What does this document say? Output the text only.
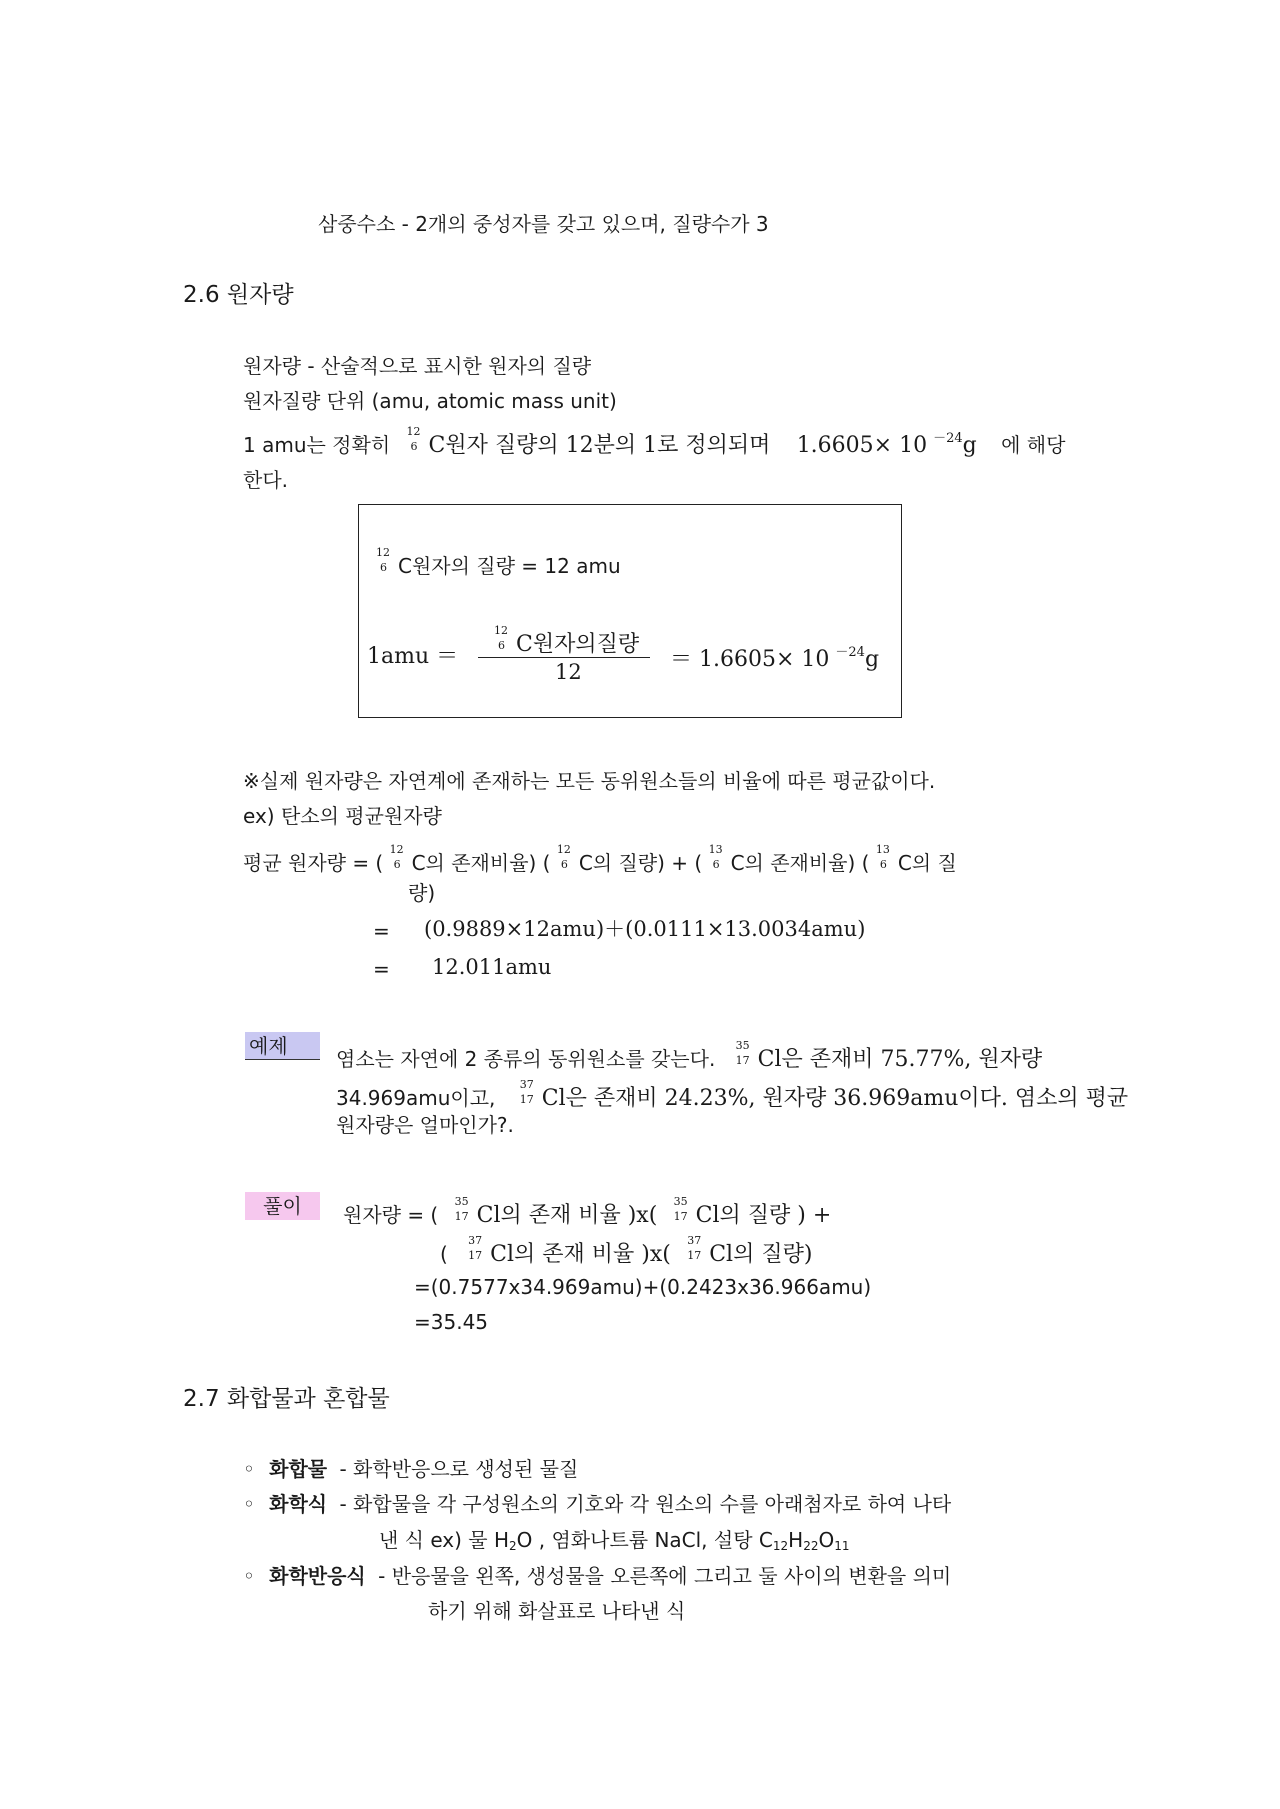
삼중수소 - 2개의 중성자를 갖고 있으며, 질량수가 3
2.6 원자량
원자량 - 산술적으로 표시한 원자의 질량
원자질량 단위 (amu, atomic mass unit)
1 amu는 정확히
12
6 C원자 질량의 12분의 1로 정의되며 1.6605× 10 $^{-24}$g 에 해당
한다.
12
6 C원자의 질량 = 12 amu
1amu ＝
12
6 C원자의질량
12	＝ 1.6605× 10 $^{-24}$g
※실제 원자량은 자연계에 존재하는 모든 동위원소들의 비율에 따른 평균값이다.
ex) 탄소의 평균원자량
평균 원자량 = (
12
6 C의 존재비율) (
12
6 C의 질량) + (
13
6 C의 존재비율) (
13
6 C의 질
량)
= (0.9889×12amu)＋(0.0111×13.0034amu)
= 12.011amu
예제
염소는 자연에 2 종류의 동위원소를 갖는다.
35
17 Cl은 존재비 75.77%, 원자량
34.969amu이고,
37
17 Cl은 존재비 24.23%, 원자량 36.969amu이다. 염소의 평균
원자량은 얼마인가?.
풀이	원자량 = (
35
17 Cl의 존재 비율 )x(
35
17 Cl의 질량 ) +
(
37
17 Cl의 존재 비율 )x(
37
17 Cl의 질량)
=(0.7577x34.969amu)+(0.2423x36.966amu)
=35.45
2.7 화합물과 혼합물
◦ 화합물 - 화학반응으로 생성된 물질
◦ 화학식 - 화합물을 각 구성원소의 기호와 각 원소의 수를 아래첨자로 하여 나타
낸 식 ex) 물 $H_2O$ , 염화나트륨 NaCl, 설탕 $C_{12}H_{22}O_{11}$
◦ 화학반응식 - 반응물을 왼쪽, 생성물을 오른쪽에 그리고 둘 사이의 변환을 의미
하기 위해 화살표로 나타낸 식
